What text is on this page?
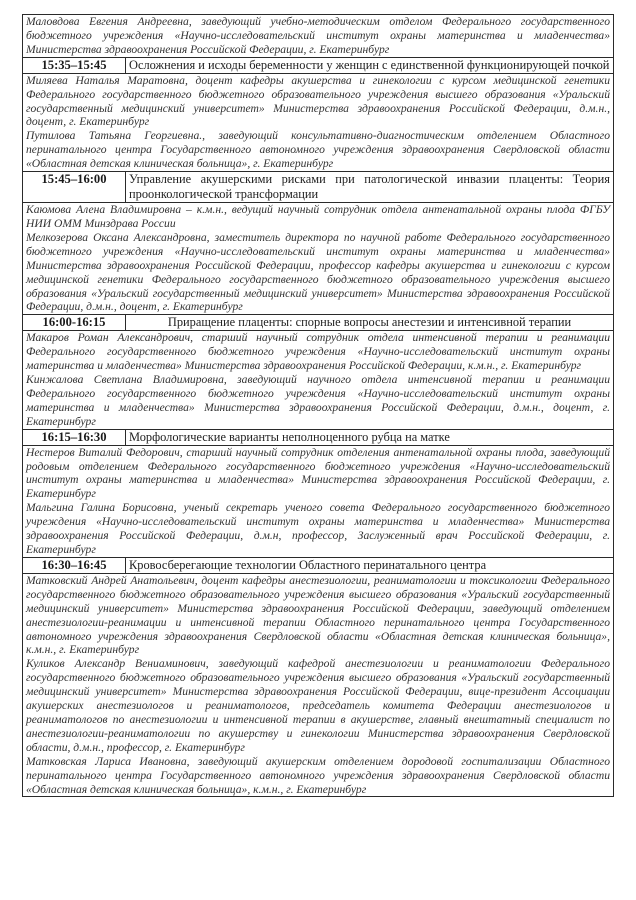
Маловдова Евгения Андреевна, заведующий учебно-методическим отделом Федерального государственного бюджетного учреждения «Научно-исследовательский институт охраны материнства и младенчества» Министерства здравоохранения Российской Федерации, г. Екатеринбург	

15:35–15:45	Осложнения и исходы беременности у женщин с единственной функционирующей почкой

Миляева Наталья Маратовна, доцент кафедры акушерства и гинекологии с курсом медицинской генетики Федерального государственного бюджетного образовательного учреждения высшего образования «Уральский государственный медицинский университет» Министерства здравоохранения Российской Федерации, д.м.н., доцент, г. Екатеринбург
Путилова Татьяна Георгиевна., заведующий консультативно-диагностическим отделением Областного перинатального центра Государственного автономного учреждения здравоохранения Свердловской области «Областная детская клиническая больница», г. Екатеринбург	

15:45–16:00	Управление акушерскими рисками при патологической инвазии плаценты: Теория проонкологической трансформации

Каюмова Алена Владимировна – к.м.н., ведущий научный сотрудник отдела антенатальной охраны плода ФГБУ НИИ ОММ Минздрава России
Мелкозерова Оксана Александровна, заместитель директора по научной работе Федерального государственного бюджетного учреждения «Научно-исследовательский институт охраны материнства и младенчества» Министерства здравоохранения Российской Федерации, профессор кафедры акушерства и гинекологии с курсом медицинской генетики Федерального государственного бюджетного образовательного учреждения высшего образования «Уральский государственный медицинский университет» Министерства здравоохранения Российской Федерации, д.м.н., доцент, г. Екатеринбург	

16:00-16:15	Приращение плаценты: спорные вопросы анестезии и интенсивной терапии

Макаров Роман Александрович, старший научный сотрудник отдела интенсивной терапии и реанимации Федерального государственного бюджетного учреждения «Научно-исследовательский институт охраны материнства и младенчества» Министерства здравоохранения Российской Федерации, к.м.н., г. Екатеринбург
Кинжалова Светлана Владимировна, заведующий научного отдела интенсивной терапии и реанимации Федерального государственного бюджетного учреждения «Научно-исследовательский институт охраны материнства и младенчества» Министерства здравоохранения Российской Федерации, д.м.н., доцент, г. Екатеринбург	

16:15–16:30	Морфологические варианты неполноценного рубца на матке

Нестеров Виталий Федорович, старший научный сотрудник отделения антенатальной охраны плода, заведующий родовым отделением Федерального государственного бюджетного учреждения «Научно-исследовательский институт охраны материнства и младенчества» Министерства здравоохранения Российской Федерации, г. Екатеринбург
Мальгина Галина Борисовна, ученый секретарь ученого совета Федерального государственного бюджетного учреждения «Научно-исследовательский институт охраны материнства и младенчества» Министерства здравоохранения Российской Федерации, д.м.н, профессор, Заслуженный врач Российской Федерации, г. Екатеринбург	

16:30–16:45	Кровосберегающие технологии Областного перинатального центра

Матковский Андрей Анатольевич, доцент кафедры анестезиологии, реаниматологии и токсикологии Федерального государственного бюджетного образовательного учреждения высшего образования «Уральский государственный медицинский университет» Министерства здравоохранения Российской Федерации, заведующий отделением анестезиологии-реанимации и интенсивной терапии Областного перинатального центра Государственного автономного учреждения здравоохранения Свердловской области «Областная детская клиническая больница», к.м.н., г. Екатеринбург
Куликов Александр Вениаминович, заведующий кафедрой анестезиологии и реаниматологии Федерального государственного бюджетного образовательного учреждения высшего образования «Уральский государственный медицинский университет» Министерства здравоохранения Российской Федерации, вице-президент Ассоциации акушерских анестезиологов и реаниматологов, председатель комитета Федерации анестезиологов и реаниматологов по анестезиологии и интенсивной терапии в акушерстве, главный внештатный специалист по анестезиологии-реаниматологии по акушерству и гинекологии Министерства здравоохранения Свердловской области, д.м.н., профессор, г. Екатеринбург
Матковская Лариса Ивановна, заведующий акушерским отделением дородовой госпитализации Областного перинатального центра Государственного автономного учреждения здравоохранения Свердловской области «Областная детская клиническая больница», к.м.н., г. Екатеринбург	
